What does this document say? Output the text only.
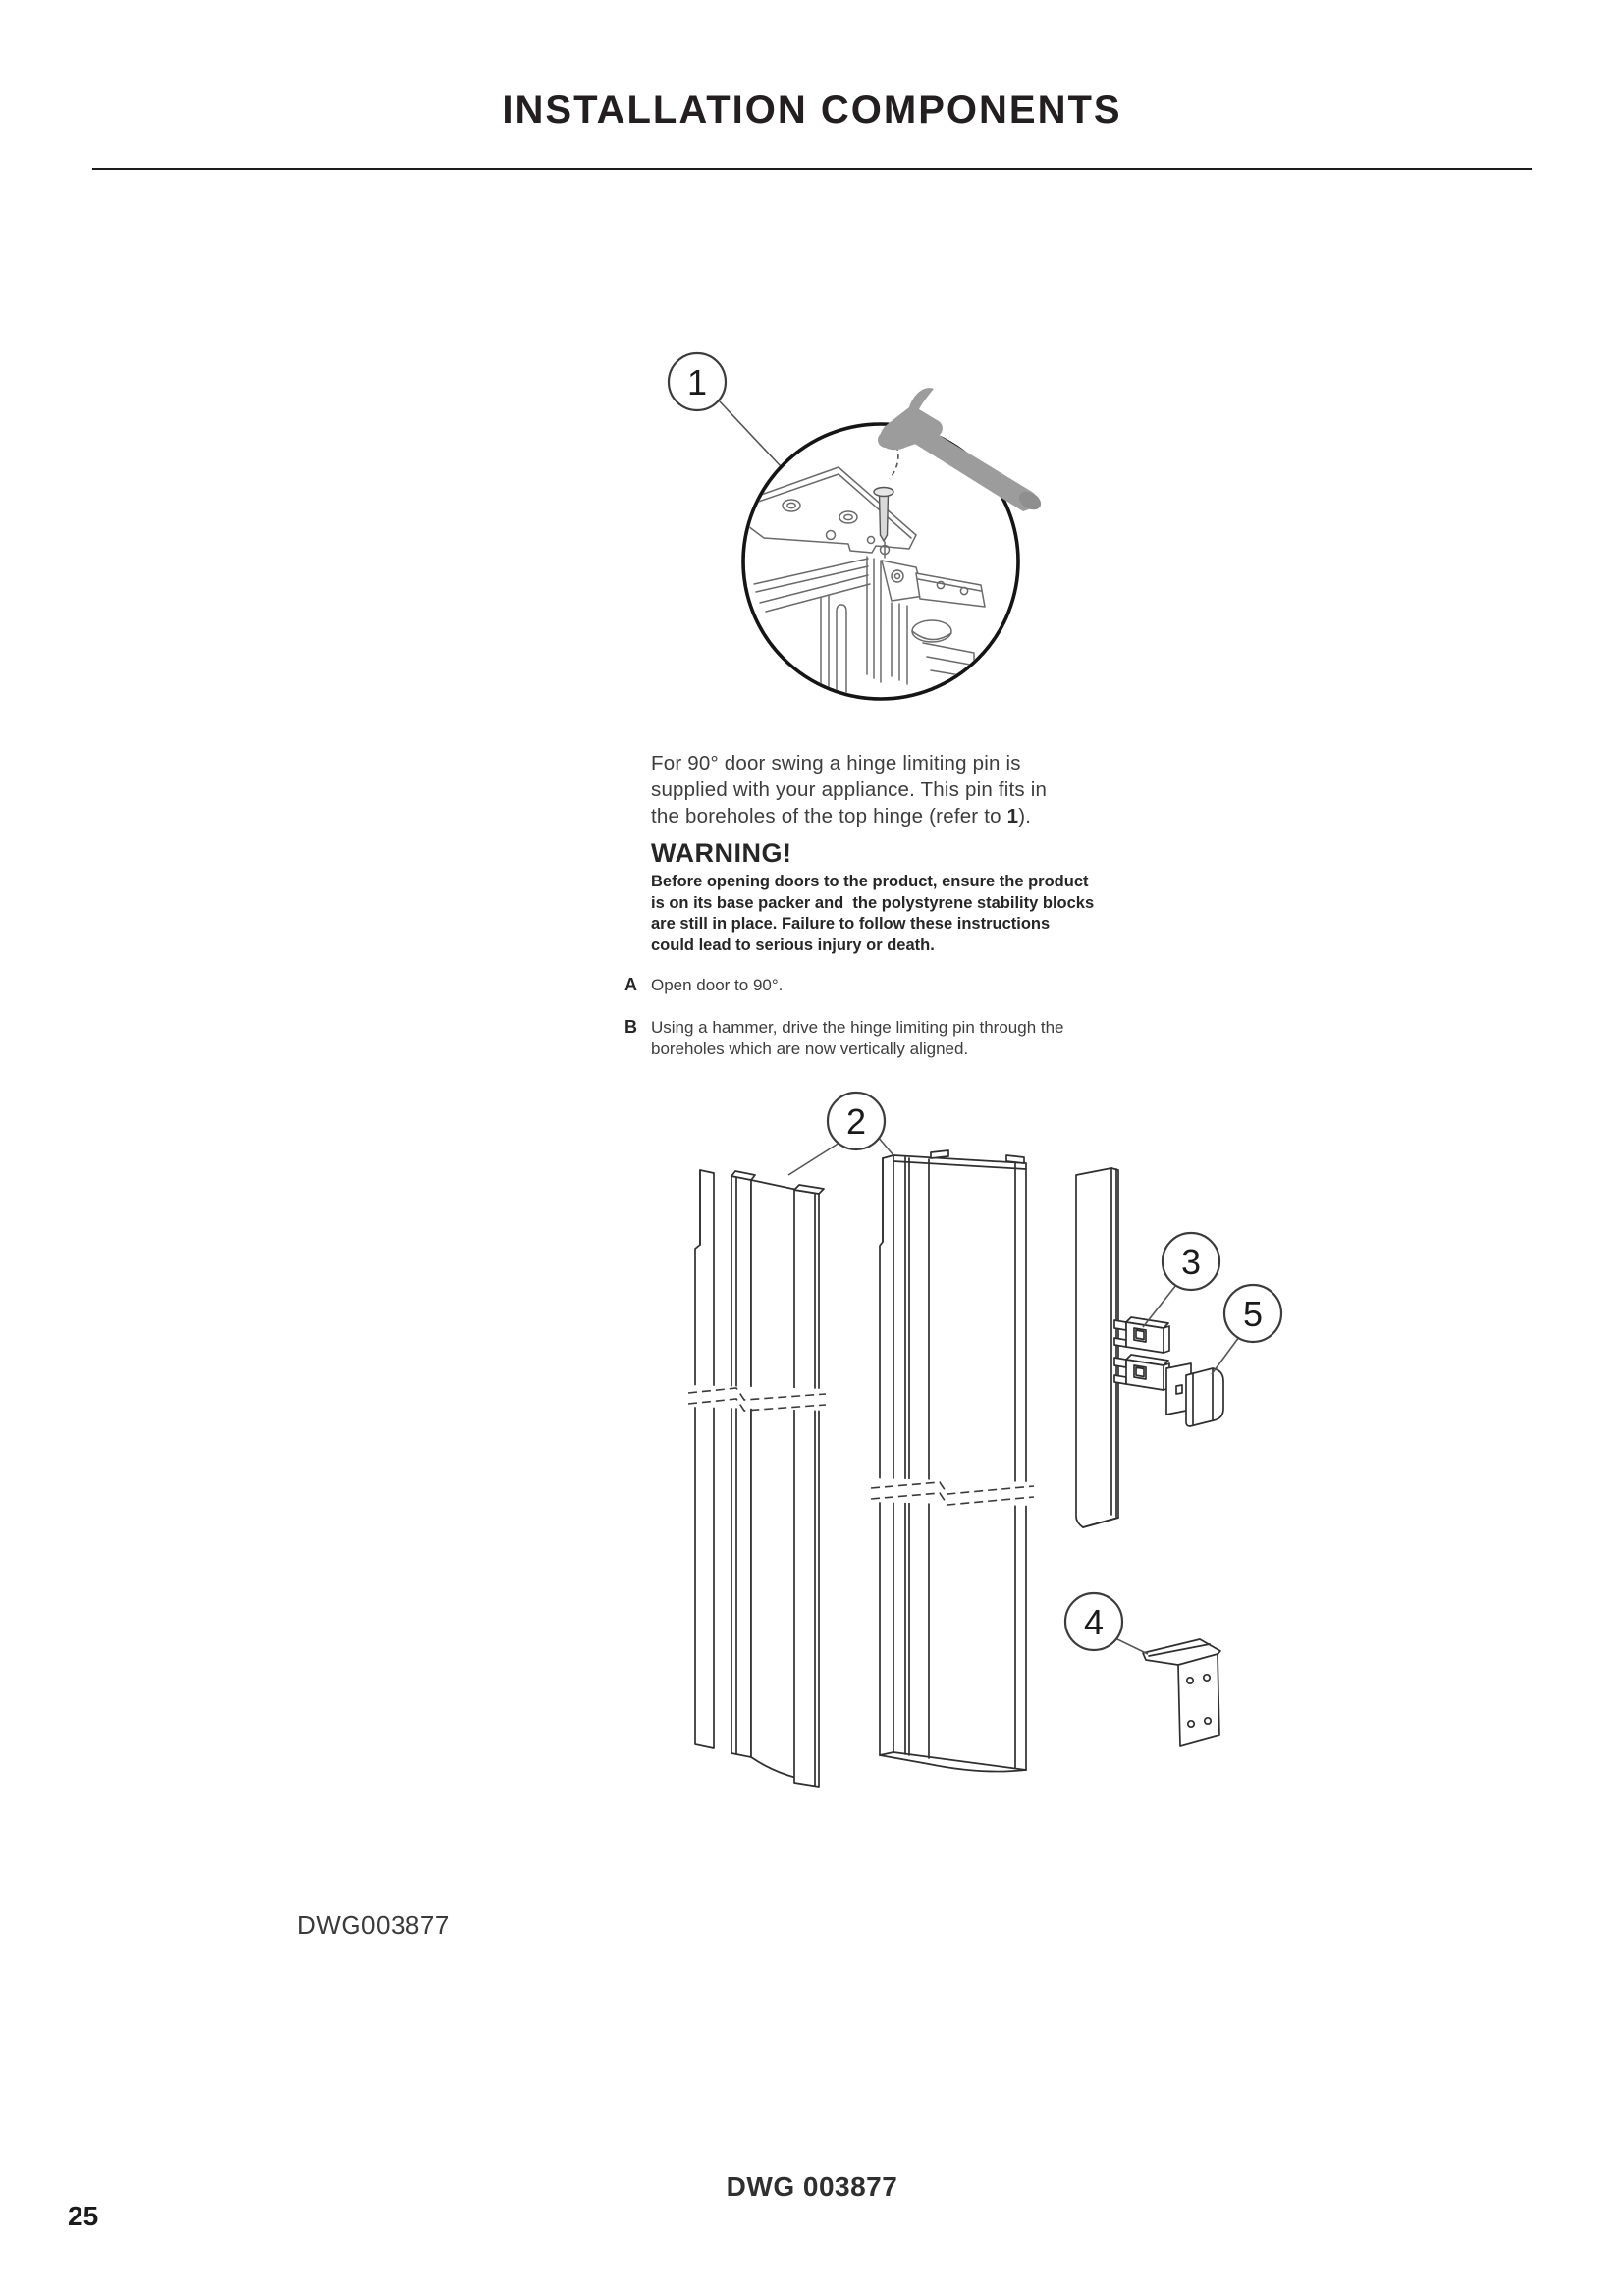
INSTALLATION COMPONENTS
1
For 90° door swing a hinge limiting pin is
supplied with your appliance. This pin fits in
the boreholes of the top hinge (refer to 1).
WARNING!
Before opening doors to the product, ensure the product
is on its base packer and  the polystyrene stability blocks
are still in place. Failure to follow these instructions
could lead to serious injury or death.
A Open door to 90°.
B Using a hammer, drive the hinge limiting pin through the
boreholes which are now vertically aligned.
2
3
5
4
DWG003877
DWG 003877
25
